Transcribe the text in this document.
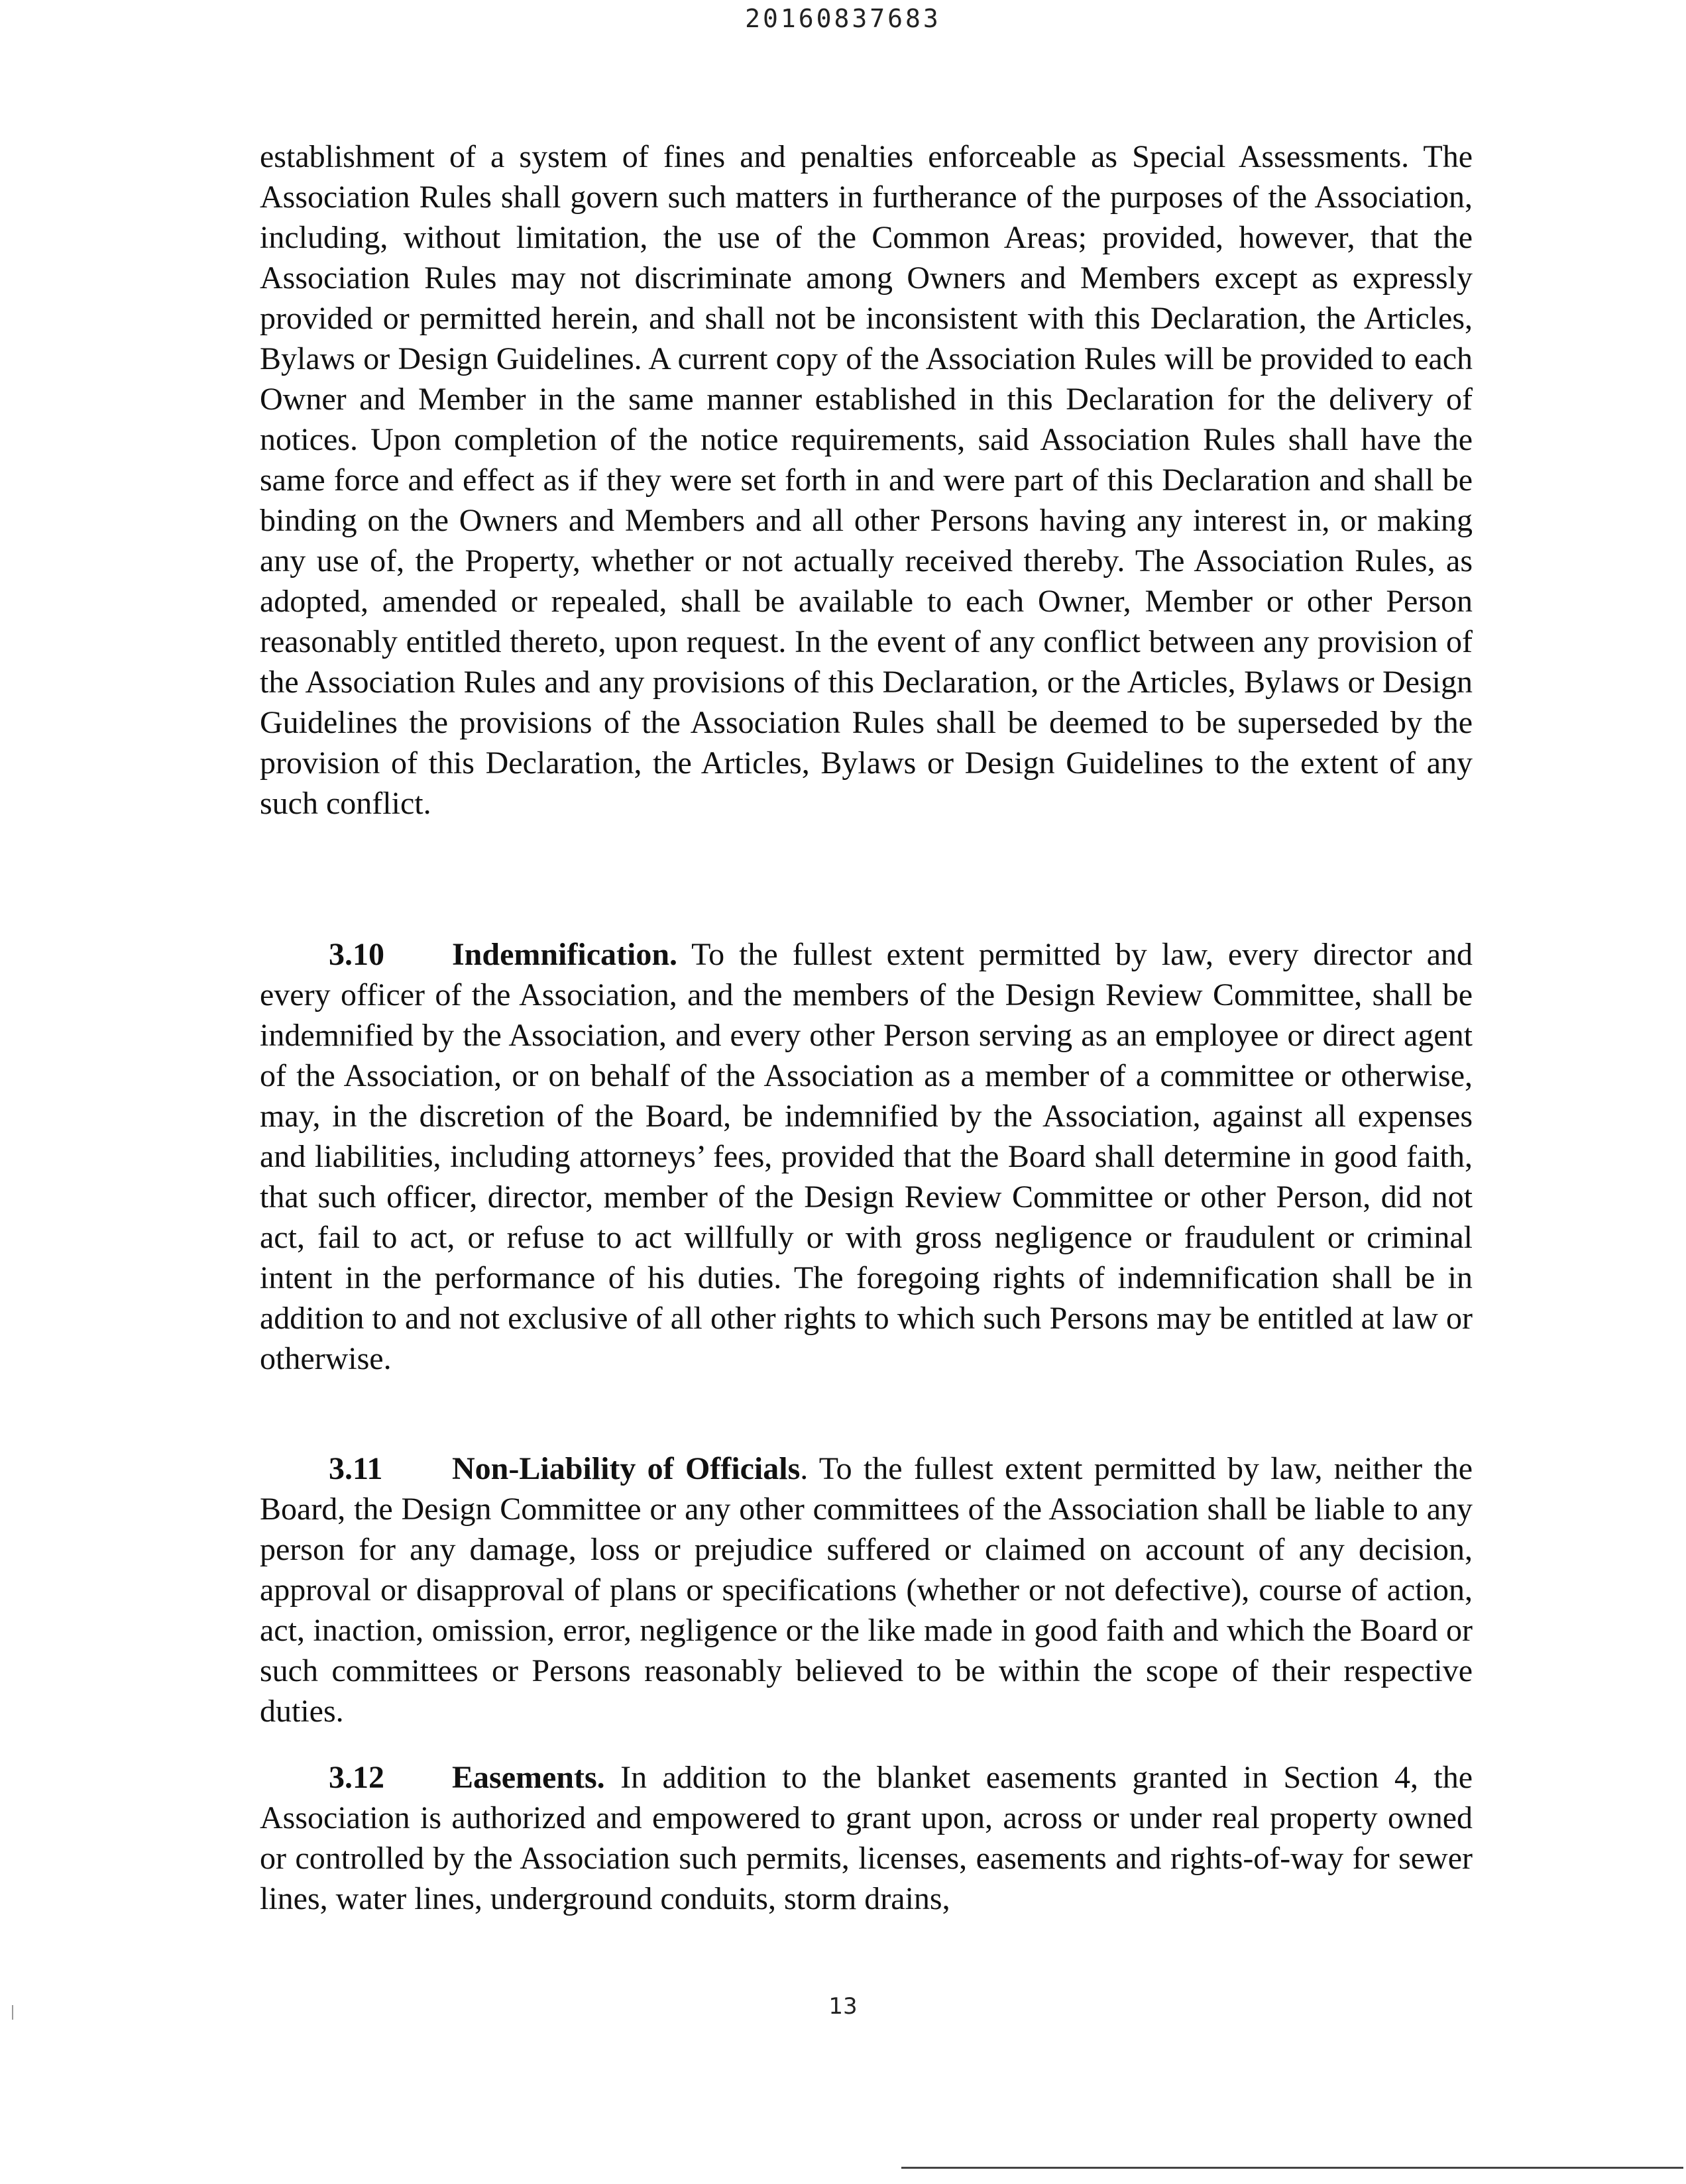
20160837683

establishment of a system of fines and penalties enforceable as Special Assessments. The Association Rules shall govern such matters in furtherance of the purposes of the Association, including, without limitation, the use of the Common Areas; provided, however, that the Association Rules may not discriminate among Owners and Members except as expressly provided or permitted herein, and shall not be inconsistent with this Declaration, the Articles, Bylaws or Design Guidelines. A current copy of the Association Rules will be provided to each Owner and Member in the same manner established in this Declaration for the delivery of notices. Upon completion of the notice requirements, said Association Rules shall have the same force and effect as if they were set forth in and were part of this Declaration and shall be binding on the Owners and Members and all other Persons having any interest in, or making any use of, the Property, whether or not actually received thereby. The Association Rules, as adopted, amended or repealed, shall be available to each Owner, Member or other Person reasonably entitled thereto, upon request. In the event of any conflict between any provision of the Association Rules and any provisions of this Declaration, or the Articles, Bylaws or Design Guidelines the provisions of the Association Rules shall be deemed to be superseded by the provision of this Declaration, the Articles, Bylaws or Design Guidelines to the extent of any such conflict.

3.10 Indemnification. To the fullest extent permitted by law, every director and every officer of the Association, and the members of the Design Review Committee, shall be indemnified by the Association, and every other Person serving as an employee or direct agent of the Association, or on behalf of the Association as a member of a committee or otherwise, may, in the discretion of the Board, be indemnified by the Association, against all expenses and liabilities, including attorneys’ fees, provided that the Board shall determine in good faith, that such officer, director, member of the Design Review Committee or other Person, did not act, fail to act, or refuse to act willfully or with gross negligence or fraudulent or criminal intent in the performance of his duties. The foregoing rights of indemnification shall be in addition to and not exclusive of all other rights to which such Persons may be entitled at law or otherwise.

3.11 Non-Liability of Officials. To the fullest extent permitted by law, neither the Board, the Design Committee or any other committees of the Association shall be liable to any person for any damage, loss or prejudice suffered or claimed on account of any decision, approval or disapproval of plans or specifications (whether or not defective), course of action, act, inaction, omission, error, negligence or the like made in good faith and which the Board or such committees or Persons reasonably believed to be within the scope of their respective duties.

3.12 Easements. In addition to the blanket easements granted in Section 4, the Association is authorized and empowered to grant upon, across or under real property owned or controlled by the Association such permits, licenses, easements and rights-of-way for sewer lines, water lines, underground conduits, storm drains,

13
